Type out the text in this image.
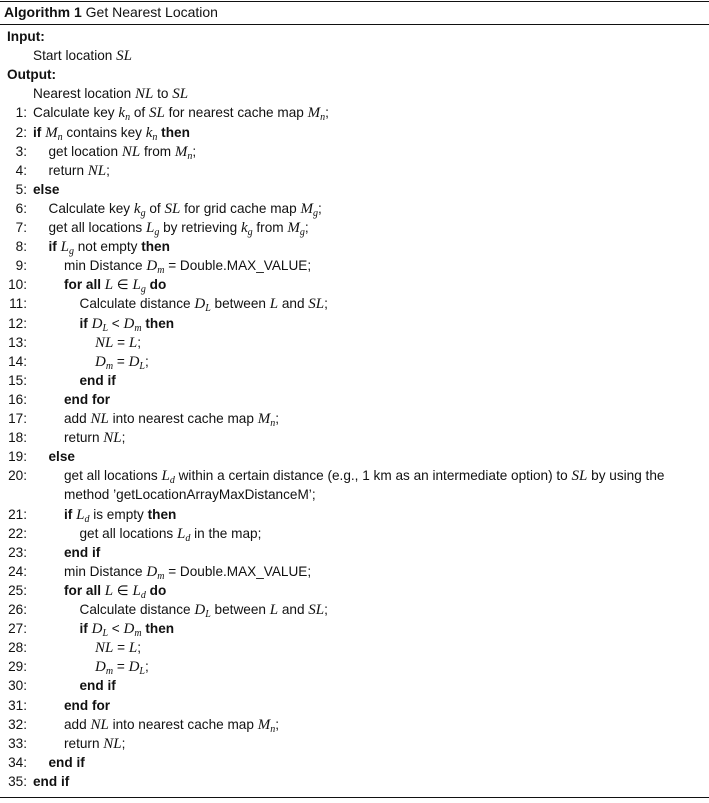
Algorithm 1 Get Nearest Location
Input:
Start location SL
Output:
Nearest location NL to SL
1: Calculate key $k_n$ of SL for nearest cache map $M_n$;
2: if $M_n$ contains key $k_n$ then
3: get location NL from $M_n$;
4: return NL;
5: else
6: Calculate key $k_g$ of SL for grid cache map $M_g$;
7: get all locations $L_g$ by retrieving $k_g$ from $M_g$;
8: if $L_g$ not empty then
9:	min Distance $D_m$ = Double.MAX_VALUE;
10:	for all L ∈ $L_g$ do
11:	Calculate distance $D_L$ between L and SL;
12:	if $D_L < D_m$ then
13:	NL = L;
14:	$D_m = D_L$;
15:	end if
16:	end for
17:	add NL into nearest cache map $M_n$;
18:	return NL;
19: else
20:	get all locations $L_d$ within a certain distance (e.g., 1 km as an intermediate option) to SL by using the
method ’getLocationArrayMaxDistanceM’;
21:	if $L_d$ is empty then
22:	get all locations $L_d$ in the map;
23:	end if
24:	min Distance $D_m$ = Double.MAX_VALUE;
25:	for all L ∈ $L_d$ do
26:	Calculate distance $D_L$ between L and SL;
27:	if $D_L < D_m$ then
28:	NL = L;
29:	$D_m = D_L$;
30:	end if
31:	end for
32:	add NL into nearest cache map $M_n$;
33:	return NL;
34: end if
35: end if
